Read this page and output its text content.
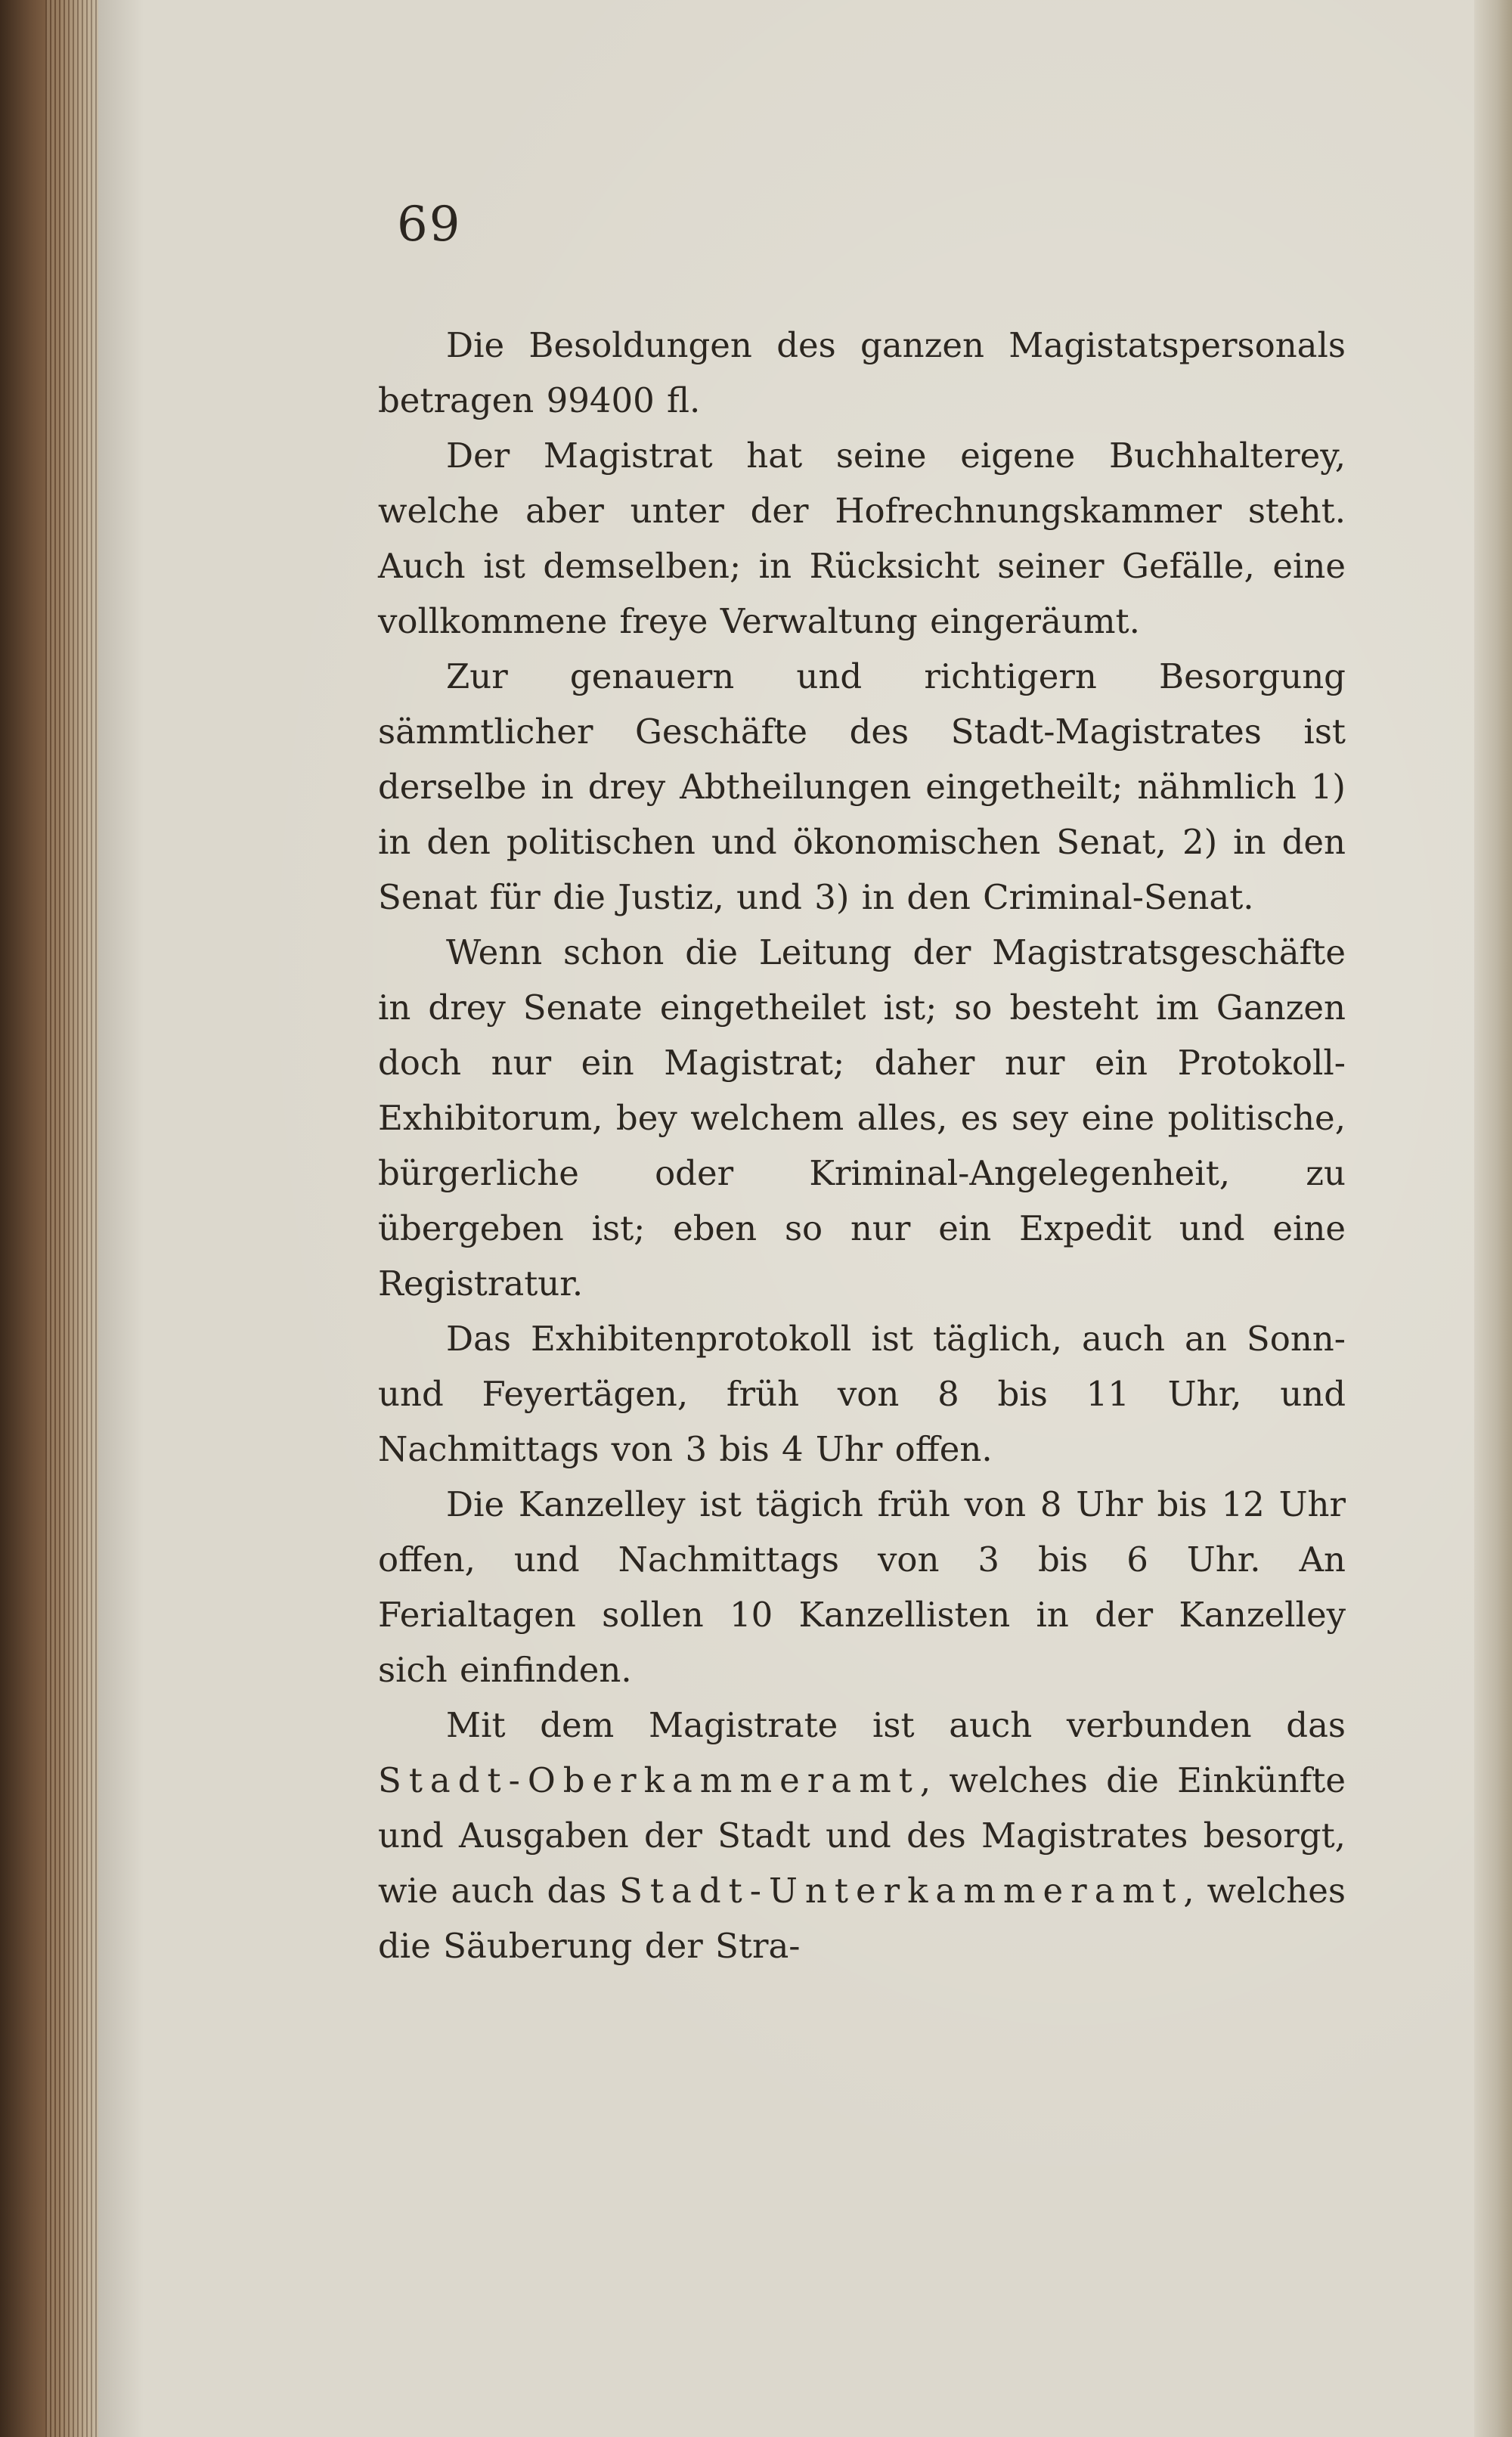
69

Die Besoldungen des ganzen Magistatspersonals betragen 99400 fl.

Der Magistrat hat seine eigene Buchhalterey, welche aber unter der Hofrechnungskammer steht. Auch ist demselben; in Rücksicht seiner Gefälle, eine vollkommene freye Verwaltung eingeräumt.

Zur genauern und richtigern Besorgung sämmtlicher Geschäfte des Stadt-Magistrates ist derselbe in drey Abtheilungen eingetheilt; nähmlich 1) in den politischen und ökonomischen Senat, 2) in den Senat für die Justiz, und 3) in den Criminal-Senat.

Wenn schon die Leitung der Magistratsgeschäfte in drey Senate eingetheilet ist; so besteht im Ganzen doch nur ein Magistrat; daher nur ein Protokoll-Exhibitorum, bey welchem alles, es sey eine politische, bürgerliche oder Kriminal-Angelegenheit, zu übergeben ist; eben so nur ein Expedit und eine Registratur.

Das Exhibitenprotokoll ist täglich, auch an Sonn- und Feyertägen, früh von 8 bis 11 Uhr, und Nachmittags von 3 bis 4 Uhr offen.

Die Kanzelley ist tägich früh von 8 Uhr bis 12 Uhr offen, und Nachmittags von 3 bis 6 Uhr. An Ferialtagen sollen 10 Kanzellisten in der Kanzelley sich einfinden.

Mit dem Magistrate ist auch verbunden das Stadt-Oberkammeramt, welches die Einkünfte und Ausgaben der Stadt und des Magistrates besorgt, wie auch das Stadt-Unterkammeramt, welches die Säuberung der Stra-
